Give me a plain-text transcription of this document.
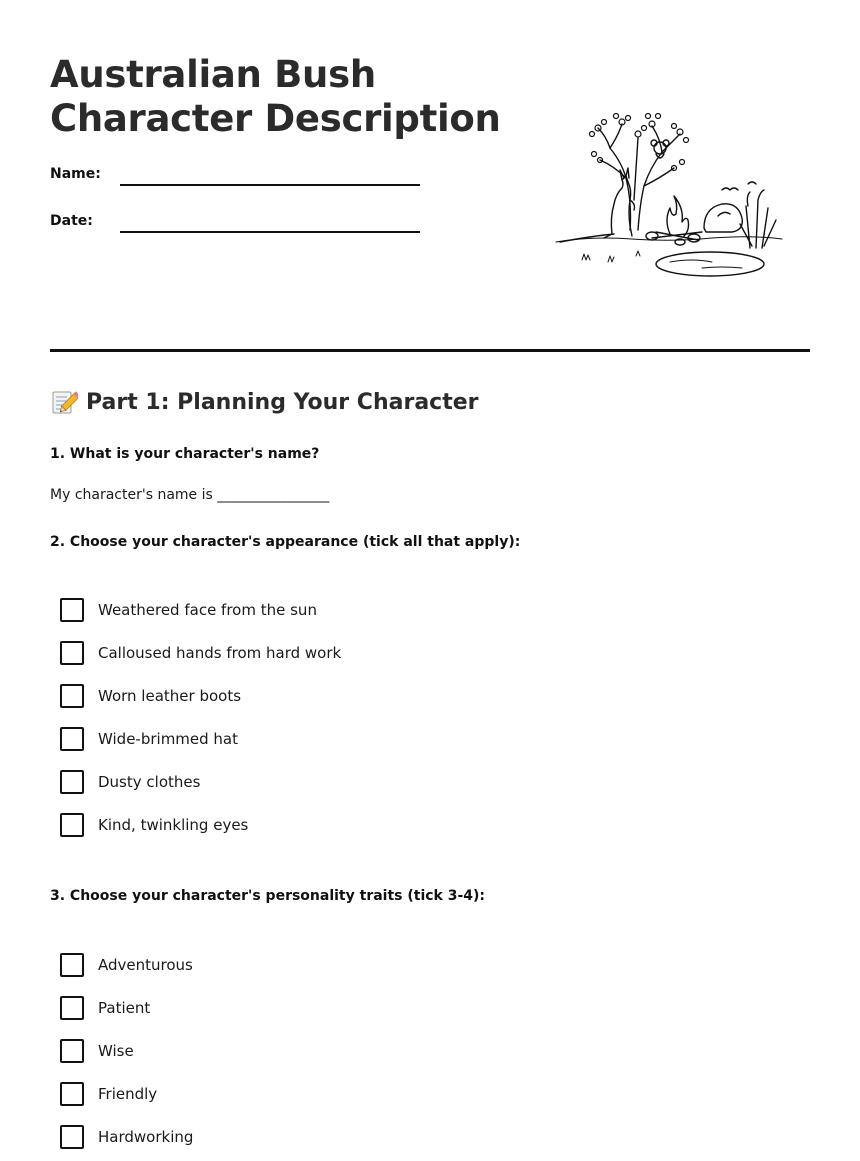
Australian Bush
Character Description
Name:
Date:
Part 1: Planning Your Character

1. What is your character's name?

My character's name is ________________

2. Choose your character's appearance (tick all that apply):

Weathered face from the sun
Calloused hands from hard work
Worn leather boots
Wide-brimmed hat
Dusty clothes
Kind, twinkling eyes

3. Choose your character's personality traits (tick 3-4):

Adventurous
Patient
Wise
Friendly
Hardworking
